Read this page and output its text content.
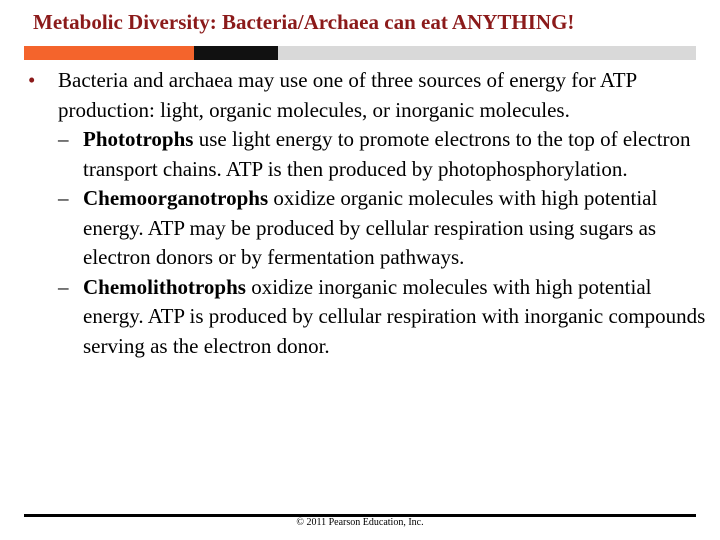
Metabolic Diversity: Bacteria/Archaea can eat ANYTHING!
• Bacteria and archaea may use one of three sources of energy for ATP production: light, organic molecules, or inorganic molecules.
– Phototrophs use light energy to promote electrons to the top of electron transport chains. ATP is then produced by photophosphorylation.
– Chemoorganotrophs oxidize organic molecules with high potential energy. ATP may be produced by cellular respiration using sugars as electron donors or by fermentation pathways.
– Chemolithotrophs oxidize inorganic molecules with high potential energy. ATP is produced by cellular respiration with inorganic compounds serving as the electron donor.
© 2011 Pearson Education, Inc.
